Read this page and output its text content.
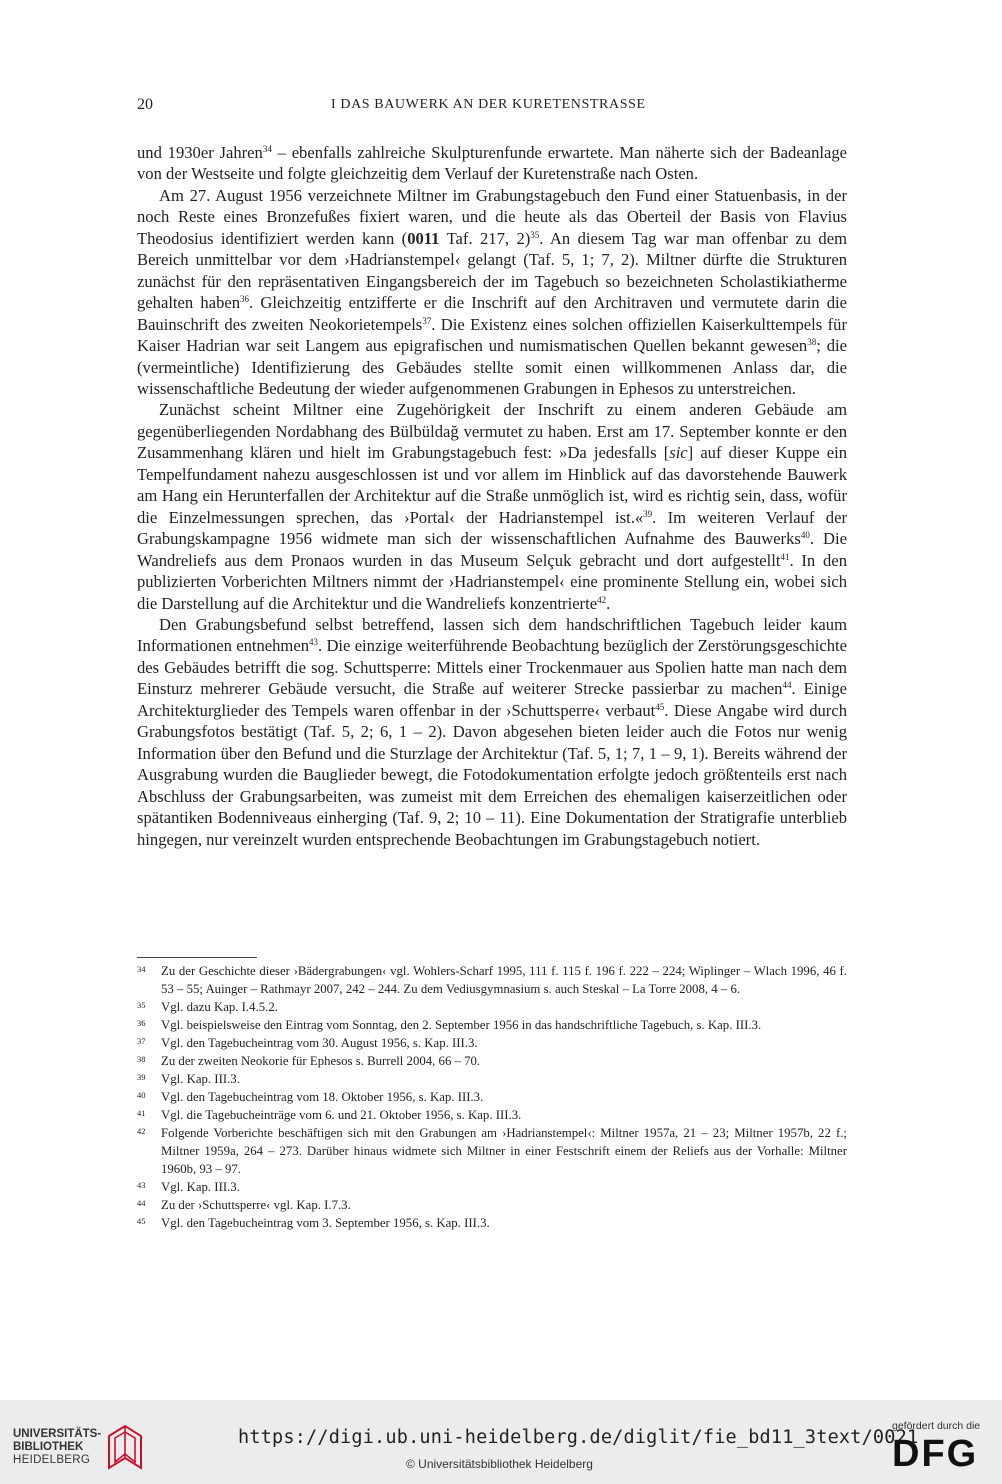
20	I DAS BAUWERK AN DER KURETENSTRASSE

und 1930er Jahren$^{34}$ – ebenfalls zahlreiche Skulpturenfunde erwartete. Man näherte sich der Badeanlage von der Westseite und folgte gleichzeitig dem Verlauf der Kuretenstraße nach Osten.

Am 27. August 1956 verzeichnete Miltner im Grabungstagebuch den Fund einer Statuenbasis, in der noch Reste eines Bronzefußes fixiert waren, und die heute als das Oberteil der Basis von Flavius Theodosius identifiziert werden kann (0011 Taf. 217, 2)$^{35}$. An diesem Tag war man offenbar zu dem Bereich unmittelbar vor dem ›Hadrianstempel‹ gelangt (Taf. 5, 1; 7, 2). Miltner dürfte die Strukturen zunächst für den repräsentativen Eingangsbereich der im Tagebuch so bezeichneten Scholastikiatherme gehalten haben$^{36}$. Gleichzeitig entzifferte er die Inschrift auf den Architraven und vermutete darin die Bauinschrift des zweiten Neokorietempels$^{37}$. Die Existenz eines solchen offiziellen Kaiserkulttempels für Kaiser Hadrian war seit Langem aus epigrafischen und numismatischen Quellen bekannt gewesen$^{38}$; die (vermeintliche) Identifizierung des Gebäudes stellte somit einen willkommenen Anlass dar, die wissenschaftliche Bedeutung der wieder aufgenommenen Grabungen in Ephesos zu unterstreichen.

Zunächst scheint Miltner eine Zugehörigkeit der Inschrift zu einem anderen Gebäude am gegenüberliegenden Nordabhang des Bülbüldağ vermutet zu haben. Erst am 17. September konnte er den Zusammenhang klären und hielt im Grabungstagebuch fest: »Da jedesfalls [sic] auf dieser Kuppe ein Tempelfundament nahezu ausgeschlossen ist und vor allem im Hinblick auf das davorstehende Bauwerk am Hang ein Herunterfallen der Architektur auf die Straße unmöglich ist, wird es richtig sein, dass, wofür die Einzelmessungen sprechen, das ›Portal‹ der Hadrianstempel ist.«$^{39}$. Im weiteren Verlauf der Grabungskampagne 1956 widmete man sich der wissenschaftlichen Aufnahme des Bauwerks$^{40}$. Die Wandreliefs aus dem Pronaos wurden in das Museum Selçuk gebracht und dort aufgestellt$^{41}$. In den publizierten Vorberichten Miltners nimmt der ›Hadrianstempel‹ eine prominente Stellung ein, wobei sich die Darstellung auf die Architektur und die Wandreliefs konzentrierte$^{42}$.

Den Grabungsbefund selbst betreffend, lassen sich dem handschriftlichen Tagebuch leider kaum Informationen entnehmen$^{43}$. Die einzige weiterführende Beobachtung bezüglich der Zerstörungsgeschichte des Gebäudes betrifft die sog. Schuttsperre: Mittels einer Trockenmauer aus Spolien hatte man nach dem Einsturz mehrerer Gebäude versucht, die Straße auf weiterer Strecke passierbar zu machen$^{44}$. Einige Architekturglieder des Tempels waren offenbar in der ›Schuttsperre‹ verbaut$^{45}$. Diese Angabe wird durch Grabungsfotos bestätigt (Taf. 5, 2; 6, 1 – 2). Davon abgesehen bieten leider auch die Fotos nur wenig Information über den Befund und die Sturzlage der Architektur (Taf. 5, 1; 7, 1 – 9, 1). Bereits während der Ausgrabung wurden die Bauglieder bewegt, die Fotodokumentation erfolgte jedoch größtenteils erst nach Abschluss der Grabungsarbeiten, was zumeist mit dem Erreichen des ehemaligen kaiserzeitlichen oder spätantiken Bodenniveaus einherging (Taf. 9, 2; 10 – 11). Eine Dokumentation der Stratigrafie unterblieb hingegen, nur vereinzelt wurden entsprechende Beobachtungen im Grabungstagebuch notiert.

34 Zu der Geschichte dieser ›Bädergrabungen‹ vgl. Wohlers-Scharf 1995, 111 f. 115 f. 196 f. 222 – 224; Wiplinger – Wlach 1996, 46 f. 53 – 55; Auinger – Rathmayr 2007, 242 – 244. Zu dem Vediusgymnasium s. auch Steskal – La Torre 2008, 4 – 6.
35 Vgl. dazu Kap. I.4.5.2.
36 Vgl. beispielsweise den Eintrag vom Sonntag, den 2. September 1956 in das handschriftliche Tagebuch, s. Kap. III.3.
37 Vgl. den Tagebucheintrag vom 30. August 1956, s. Kap. III.3.
38 Zu der zweiten Neokorie für Ephesos s. Burrell 2004, 66 – 70.
39 Vgl. Kap. III.3.
40 Vgl. den Tagebucheintrag vom 18. Oktober 1956, s. Kap. III.3.
41 Vgl. die Tagebucheinträge vom 6. und 21. Oktober 1956, s. Kap. III.3.
42 Folgende Vorberichte beschäftigen sich mit den Grabungen am ›Hadrianstempel‹: Miltner 1957a, 21 – 23; Miltner 1957b, 22 f.; Miltner 1959a, 264 – 273. Darüber hinaus widmete sich Miltner in einer Festschrift einem der Reliefs aus der Vorhalle: Miltner 1960b, 93 – 97.
43 Vgl. Kap. III.3.
44 Zu der ›Schuttsperre‹ vgl. Kap. I.7.3.
45 Vgl. den Tagebucheintrag vom 3. September 1956, s. Kap. III.3.
UNIVERSITÄTS-
BIBLIOTHEK
HEIDELBERG
https://digi.ub.uni-heidelberg.de/diglit/fie_bd11_3text/0021
© Universitätsbibliothek Heidelberg
gefördert durch die
DFG
